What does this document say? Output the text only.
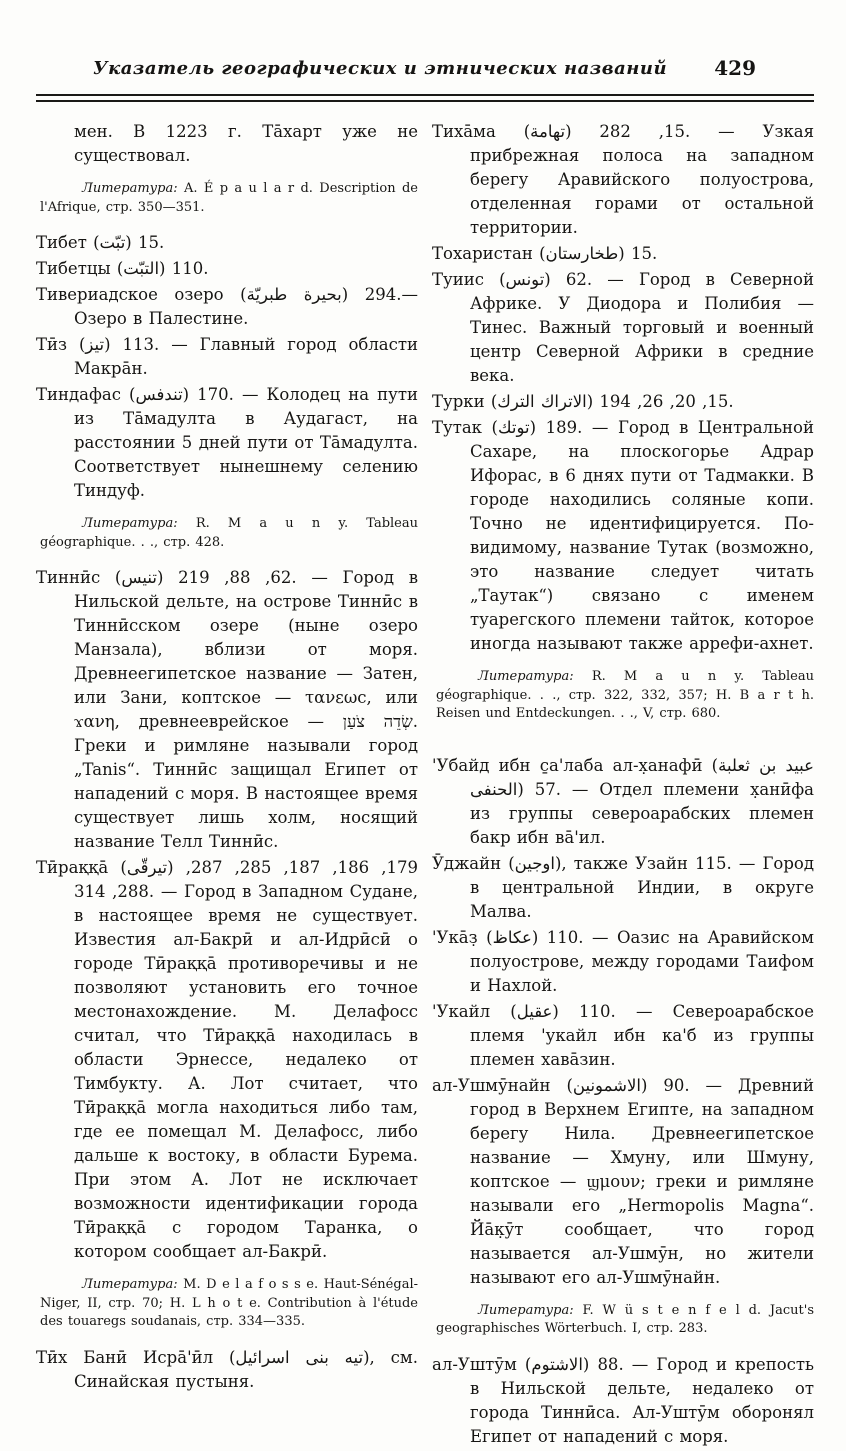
Указатель географических и этнических названий	429

мен. В 1223 г. Тāхарт уже не существовал.

Литература: A. É p a u l a r d. Description de l'Afrique, стр. 350—351.

Тибет (تبّت) 15.

Тибетцы (التبّت) 110.

Тивериадское озеро (بحيرة طبريّة) 294.— Озеро в Палестине.

Тӣз (تيز) 113. — Главный город области Макрāн.

Тиндафас (تندفس) 170. — Колодец на пути из Тāмадулта в Аудагаст, на расстоянии 5 дней пути от Тāмадулта. Соответствует нынешнему селению Тиндуф.

Литература: R. M a u n y. Tableau géographique. . ., стр. 428.

Тиннӣс (تنيس) 62, 88, 219. — Город в Нильской дельте, на острове Тиннӣс в Тиннӣсском озере (ныне озеро Манзала), вблизи от моря. Древнеегипетское название — Затен, или Зани, коптское — τανεωϲ, или ϫανη, древнееврейское — שְׂדֵה צֹעַן. Греки и римляне называли город „Tanis“. Тиннӣс защищал Египет от нападений с моря. В настоящее время существует лишь холм, носящий название Телл Тиннӣс.

Тӣраққā (تيرقّى) 179, 186, 187, 285, 287, 288, 314. — Город в Западном Судане, в настоящее время не существует. Известия ал-Бакрӣ и ал-Идрӣсӣ о городе Тӣраққā противоречивы и не позволяют установить его точное местонахождение. М. Делафосс считал, что Тӣраққā находилась в области Эрнессе, недалеко от Тимбукту. А. Лот считает, что Тӣраққā могла находиться либо там, где ее помещал М. Делафосс, либо дальше к востоку, в области Бурема. При этом А. Лот не исключает возможности идентификации города Тӣраққā с городом Таранка, о котором сообщает ал-Бакрӣ.

Литература: M. D e l a f o s s e. Haut-Sénégal-Niger, II, стр. 70; H. L h o t e. Contribution à l'étude des touaregs soudanais, стр. 334—335.

Тӣх Банӣ Исрā'ӣл (تيه بنى اسرائيل), см. Синайская пустыня.

Тихāма (تهامة) 15, 282. — Узкая прибрежная полоса на западном берегу Аравийского полуострова, отделенная горами от остальной территории.

Тохаристан (طخارستان) 15.

Туиис (تونس) 62. — Город в Северной Африке. У Диодора и Полибия — Тинес. Важный торговый и военный центр Северной Африки в средние века.

Турки (الاتراك الترك) 15, 20, 26, 194.

Тутак (توتك) 189. — Город в Центральной Сахаре, на плоскогорье Адрар Ифорас, в 6 днях пути от Тадмакки. В городе находились соляные копи. Точно не идентифицируется. По-видимому, название Тутак (возможно, это название следует читать „Таутак“) связано с именем туарегского племени тайток, которое иногда называют также аррефи-ахнет.

Литература: R. M a u n y. Tableau géographique. . ., стр. 322, 332, 357; H. B a r t h. Reisen und Entdeckungen. . ., V, стр. 680.

'Убайд ибн с̱а'лаба ал-х̣анафӣ (عبيد بن ثعلبة الحنفى) 57. — Отдел племени х̣анӣфа из группы североарабских племен бакр ибн вā'ил.

Ӯджайн (اوجين), также Узайн 115. — Город в центральной Индии, в округе Малва.

'Укāз̣ (عكاظ) 110. — Оазис на Аравийском полуострове, между городами Таифом и Нахлой.

'Укайл (عقيل) 110. — Североарабское племя 'укайл ибн ка'б из группы племен хавāзин.

ал-Ушмӯнайн (الاشمونين) 90. — Древний город в Верхнем Египте, на западном берегу Нила. Древнеегипетское название — Хмуну, или Шмуну, коптское — ϣμουν; греки и римляне называли его „Hermopolis Magna“. Йāк̣ӯт сообщает, что город называется ал-Ушмӯн, но жители называют его ал-Ушмӯнайн.

Литература: F. W ü s t e n f e l d. Jacut's geographisches Wörterbuch. I, стр. 283.

ал-Уштӯм (الاشتوم) 88. — Город и крепость в Нильской дельте, недалеко от города Тиннӣса. Ал-Уштӯм оборонял Египет от нападений с моря.
